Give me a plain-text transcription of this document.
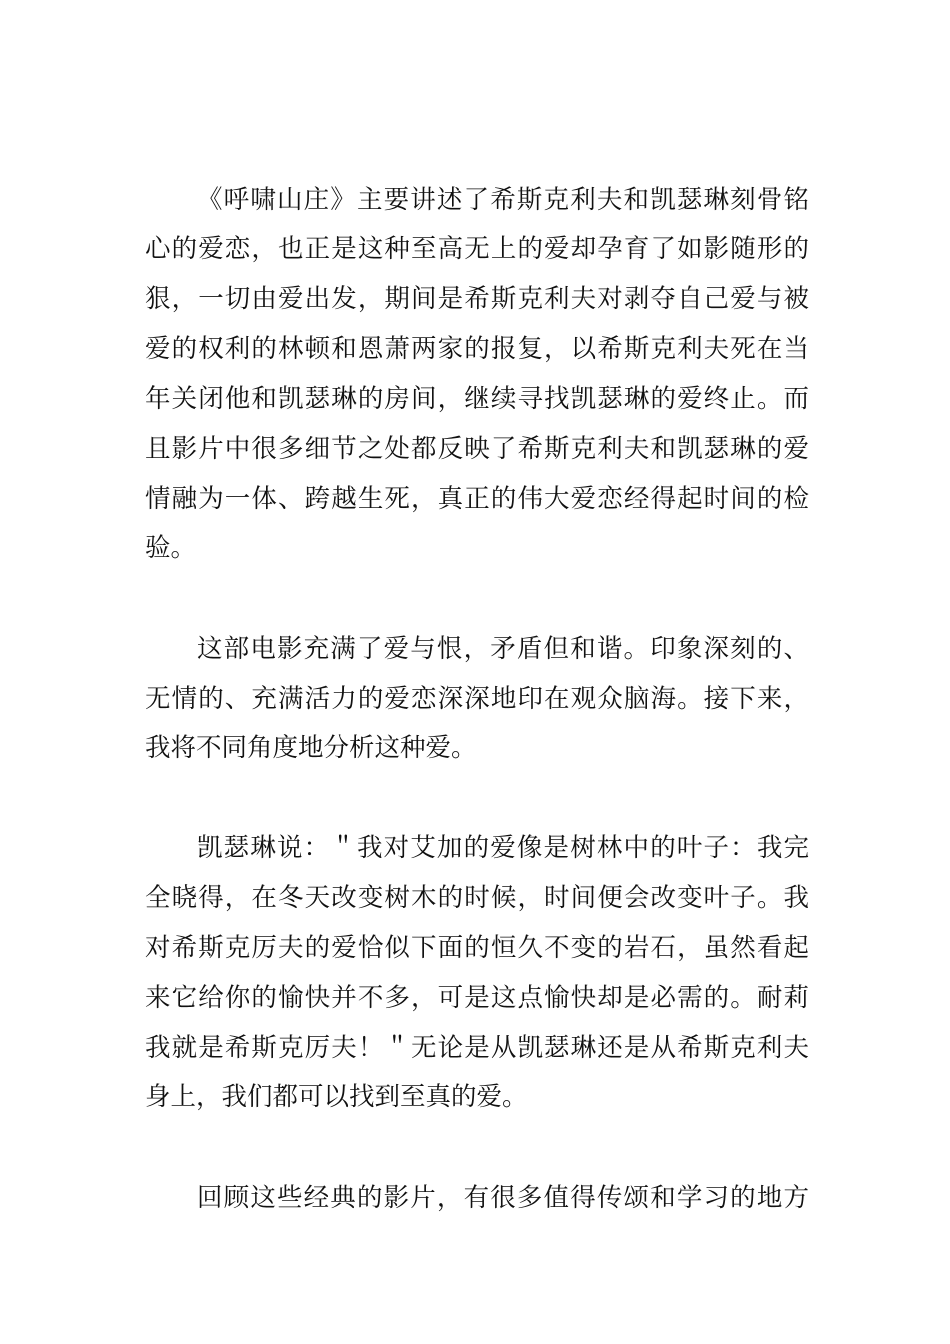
《呼啸山庄》主要讲述了希斯克利夫和凯瑟琳刻骨铭
心的爱恋，也正是这种至高无上的爱却孕育了如影随形的
狠，一切由爱出发，期间是希斯克利夫对剥夺自己爱与被
爱的权利的林顿和恩萧两家的报复，以希斯克利夫死在当
年关闭他和凯瑟琳的房间，继续寻找凯瑟琳的爱终止。而
且影片中很多细节之处都反映了希斯克利夫和凯瑟琳的爱
情融为一体、跨越生死，真正的伟大爱恋经得起时间的检
验。
这部电影充满了爱与恨，矛盾但和谐。印象深刻的、
无情的、充满活力的爱恋深深地印在观众脑海。接下来，
我将不同角度地分析这种爱。
凯瑟琳说：＂我对艾加的爱像是树林中的叶子：我完
全晓得，在冬天改变树木的时候，时间便会改变叶子。我
对希斯克厉夫的爱恰似下面的恒久不变的岩石，虽然看起
来它给你的愉快并不多，可是这点愉快却是必需的。耐莉
我就是希斯克厉夫！＂无论是从凯瑟琳还是从希斯克利夫
身上，我们都可以找到至真的爱。
回顾这些经典的影片，有很多值得传颂和学习的地方
